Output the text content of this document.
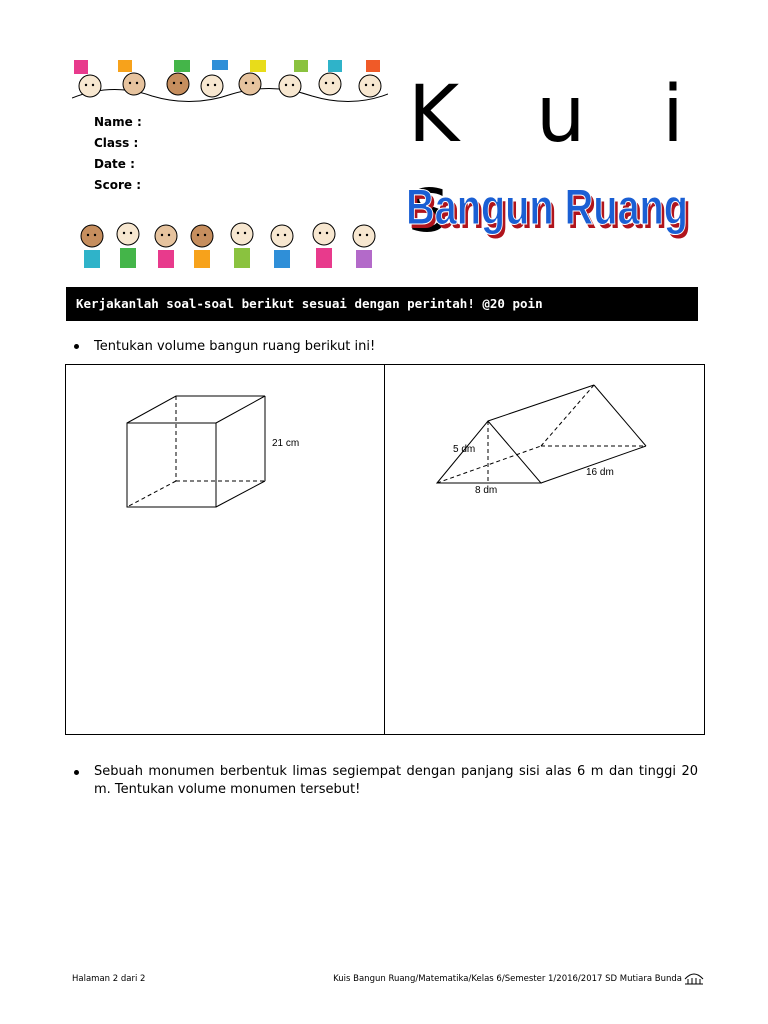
Name :
Class :
Date :
Score :
K u i s
Bangun Ruang
Bangun Ruang
Kerjakanlah soal-soal berikut sesuai dengan perintah! @20 poin
Tentukan volume bangun ruang berikut ini!
21 cm
5 dm
8 dm
16 dm
Sebuah monumen berbentuk limas segiempat dengan panjang sisi alas 6 m dan tinggi 20 m. Tentukan volume monumen tersebut!
Halaman 2 dari 2	Kuis Bangun Ruang/Matematika/Kelas 6/Semester 1/2016/2017 SD Mutiara Bunda
